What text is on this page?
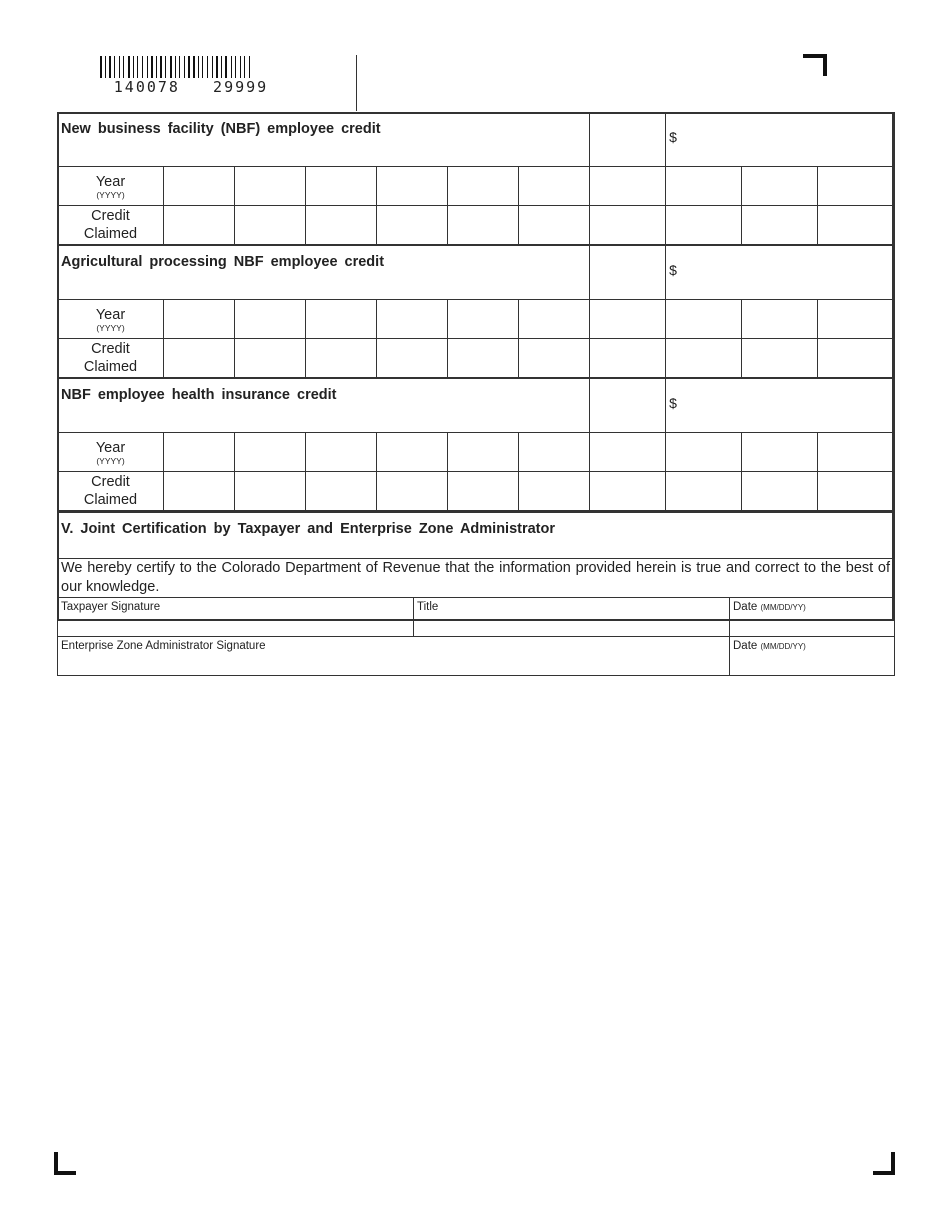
140078   29999
New business facility (NBF) employee credit								$		
Year
(YYYY)										

Credit
Claimed										
Agricultural processing NBF employee credit								$		
Year
(YYYY)										

Credit
Claimed										
NBF employee health insurance credit								$		
Year
(YYYY)										

Credit
Claimed										
V. Joint Certification by Taxpayer and Enterprise Zone Administrator		
We hereby certify to the Colorado Department of Revenue that the information provided herein is true and correct to the best of our knowledge.		
Taxpayer Signature	Title	Date (MM/DD/YY)
Enterprise Zone Administrator Signature		Date (MM/DD/YY)
